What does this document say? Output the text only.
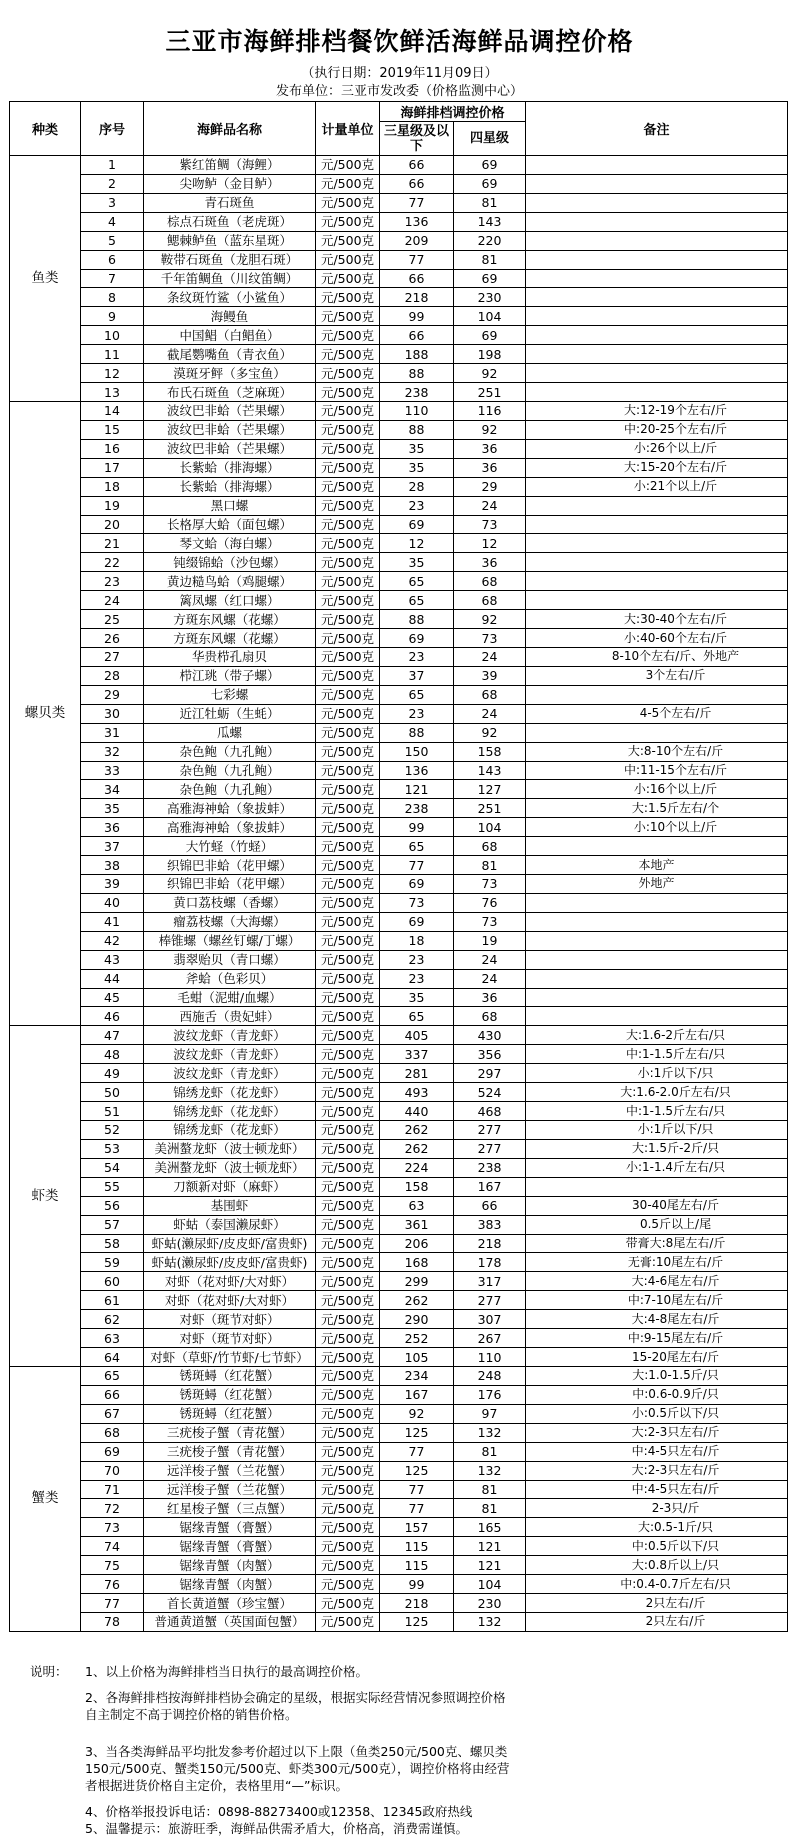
三亚市海鲜排档餐饮鲜活海鲜品调控价格
（执行日期：2019年11月09日）
发布单位：三亚市发改委（价格监测中心）
种类	序号	海鲜品名称	计量单位	海鲜排档调控价格		备注
				三星级及以下	四星级	
鱼类	1	紫红笛鲷（海鲤）	元/500克	66	69	

	2	尖吻鲈（金目鲈）	元/500克	66	69	

	3	青石斑鱼	元/500克	77	81	

	4	棕点石斑鱼（老虎斑）	元/500克	136	143	

	5	鳃棘鲈鱼（蓝东星斑）	元/500克	209	220	

	6	鞍带石斑鱼（龙胆石斑）	元/500克	77	81	

	7	千年笛鲷鱼（川纹笛鲷）	元/500克	66	69	

	8	条纹斑竹鲨（小鲨鱼）	元/500克	218	230	

	9	海鳗鱼	元/500克	99	104	

	10	中国鲳（白鲳鱼）	元/500克	66	69	

	11	截尾鹦嘴鱼（青衣鱼）	元/500克	188	198	

	12	漠斑牙鲆（多宝鱼）	元/500克	88	92	

	13	布氏石斑鱼（芝麻斑）	元/500克	238	251	

螺贝类	14	波纹巴非蛤（芒果螺）	元/500克	110	116	大:12-19个左右/斤

	15	波纹巴非蛤（芒果螺）	元/500克	88	92	中:20-25个左右/斤

	16	波纹巴非蛤（芒果螺）	元/500克	35	36	小:26个以上/斤

	17	长紫蛤（排海螺）	元/500克	35	36	大:15-20个左右/斤

	18	长紫蛤（排海螺）	元/500克	28	29	小:21个以上/斤

	19	黑口螺	元/500克	23	24	

	20	长格厚大蛤（面包螺）	元/500克	69	73	

	21	琴文蛤（海白螺）	元/500克	12	12	

	22	钝缀锦蛤（沙包螺）	元/500克	35	36	

	23	黄边糙鸟蛤（鸡腿螺）	元/500克	65	68	

	24	篱凤螺（红口螺）	元/500克	65	68	

	25	方斑东风螺（花螺）	元/500克	88	92	大:30-40个左右/斤

	26	方斑东风螺（花螺）	元/500克	69	73	小:40-60个左右/斤

	27	华贵栉孔扇贝	元/500克	23	24	8-10个左右/斤、外地产

	28	栉江珧（带子螺）	元/500克	37	39	3个左右/斤

	29	七彩螺	元/500克	65	68	

	30	近江牡蛎（生蚝）	元/500克	23	24	4-5个左右/斤

	31	瓜螺	元/500克	88	92	

	32	杂色鲍（九孔鲍）	元/500克	150	158	大:8-10个左右/斤

	33	杂色鲍（九孔鲍）	元/500克	136	143	中:11-15个左右/斤

	34	杂色鲍（九孔鲍）	元/500克	121	127	小:16个以上/斤

	35	高雅海神蛤（象拔蚌）	元/500克	238	251	大:1.5斤左右/个

	36	高雅海神蛤（象拔蚌）	元/500克	99	104	小:10个以上/斤

	37	大竹蛏（竹蛏）	元/500克	65	68	

	38	织锦巴非蛤（花甲螺）	元/500克	77	81	本地产

	39	织锦巴非蛤（花甲螺）	元/500克	69	73	外地产

	40	黄口荔枝螺（香螺）	元/500克	73	76	

	41	瘤荔枝螺（大海螺）	元/500克	69	73	

	42	棒锥螺（螺丝钉螺/丁螺）	元/500克	18	19	

	43	翡翠贻贝（青口螺）	元/500克	23	24	

	44	斧蛤（色彩贝）	元/500克	23	24	

	45	毛蚶（泥蚶/血螺）	元/500克	35	36	

	46	西施舌（贵妃蚌）	元/500克	65	68	

虾类	47	波纹龙虾（青龙虾）	元/500克	405	430	大:1.6-2斤左右/只

	48	波纹龙虾（青龙虾）	元/500克	337	356	中:1-1.5斤左右/只

	49	波纹龙虾（青龙虾）	元/500克	281	297	小:1斤以下/只

	50	锦绣龙虾（花龙虾）	元/500克	493	524	大:1.6-2.0斤左右/只

	51	锦绣龙虾（花龙虾）	元/500克	440	468	中:1-1.5斤左右/只

	52	锦绣龙虾（花龙虾）	元/500克	262	277	小:1斤以下/只

	53	美洲螯龙虾（波士顿龙虾）	元/500克	262	277	大:1.5斤-2斤/只

	54	美洲螯龙虾（波士顿龙虾）	元/500克	224	238	小:1-1.4斤左右/只

	55	刀额新对虾（麻虾）	元/500克	158	167	

	56	基围虾	元/500克	63	66	30-40尾左右/斤

	57	虾蛄（泰国濑尿虾）	元/500克	361	383	0.5斤以上/尾

	58	虾蛄(濑尿虾/皮皮虾/富贵虾)	元/500克	206	218	带膏大:8尾左右/斤

	59	虾蛄(濑尿虾/皮皮虾/富贵虾)	元/500克	168	178	无膏:10尾左右/斤

	60	对虾（花对虾/大对虾）	元/500克	299	317	大:4-6尾左右/斤

	61	对虾（花对虾/大对虾）	元/500克	262	277	中:7-10尾左右/斤

	62	对虾（斑节对虾）	元/500克	290	307	大:4-8尾左右/斤

	63	对虾（斑节对虾）	元/500克	252	267	中:9-15尾左右/斤

	64	对虾（草虾/竹节虾/七节虾）	元/500克	105	110	15-20尾左右/斤

蟹类	65	锈斑蟳（红花蟹）	元/500克	234	248	大:1.0-1.5斤/只

	66	锈斑蟳（红花蟹）	元/500克	167	176	中:0.6-0.9斤/只

	67	锈斑蟳（红花蟹）	元/500克	92	97	小:0.5斤以下/只

	68	三疣梭子蟹（青花蟹）	元/500克	125	132	大:2-3只左右/斤

	69	三疣梭子蟹（青花蟹）	元/500克	77	81	中:4-5只左右/斤

	70	远洋梭子蟹（兰花蟹）	元/500克	125	132	大:2-3只左右/斤

	71	远洋梭子蟹（兰花蟹）	元/500克	77	81	中:4-5只左右/斤

	72	红星梭子蟹（三点蟹）	元/500克	77	81	2-3只/斤

	73	锯缘青蟹（膏蟹）	元/500克	157	165	大:0.5-1斤/只

	74	锯缘青蟹（膏蟹）	元/500克	115	121	中:0.5斤以下/只

	75	锯缘青蟹（肉蟹）	元/500克	115	121	大:0.8斤以上/只

	76	锯缘青蟹（肉蟹）	元/500克	99	104	中:0.4-0.7斤左右/只

	77	首长黄道蟹（珍宝蟹）	元/500克	218	230	2只左右/斤

	78	普通黄道蟹（英国面包蟹）	元/500克	125	132	2只左右/斤
说明： 1、以上价格为海鲜排档当日执行的最高调控价格。
2、各海鲜排档按海鲜排档协会确定的星级，根据实际经营情况参照调控价格
自主制定不高于调控价格的销售价格。
3、当各类海鲜品平均批发参考价超过以下上限（鱼类250元/500克、螺贝类
150元/500克、蟹类150元/500克、虾类300元/500克），调控价格将由经营
者根据进货价格自主定价，表格里用“—”标识。
4、价格举报投诉电话：0898-88273400或12358、12345政府热线
5、温馨提示：旅游旺季，海鲜品供需矛盾大，价格高，消费需谨慎。
